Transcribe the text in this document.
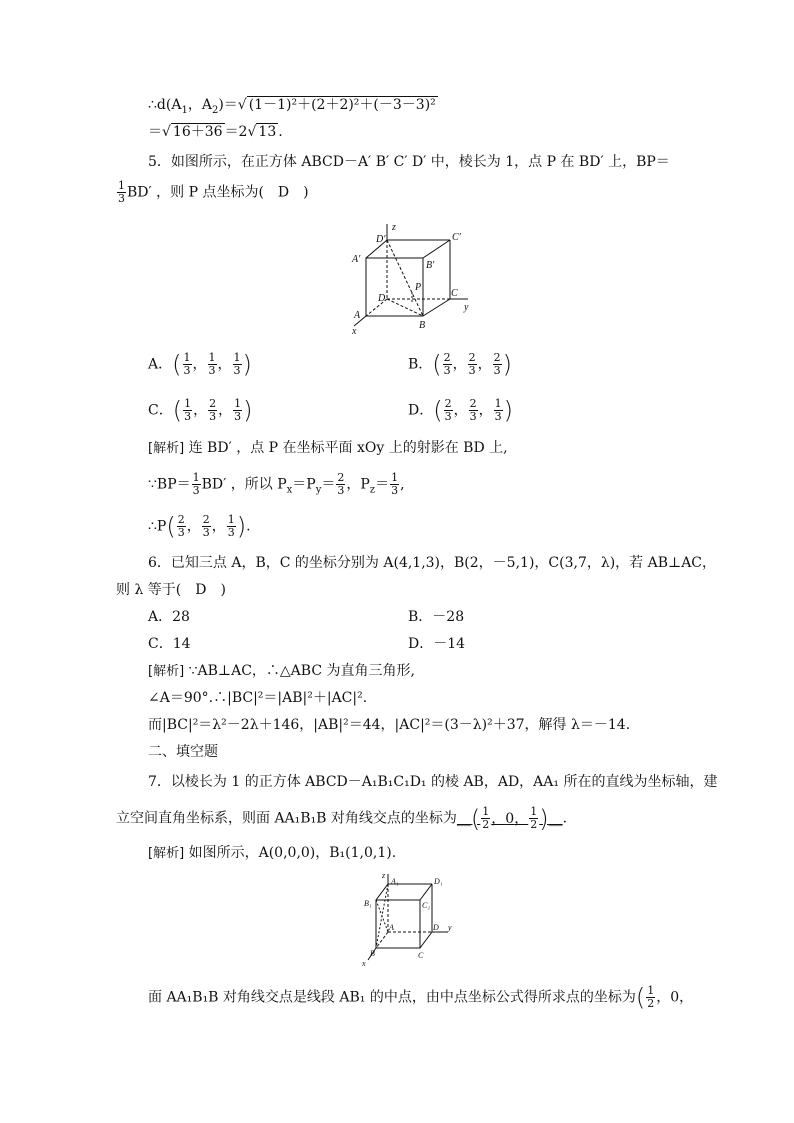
$\therefore d(A_1$，$A_2)=√$ (1－1)²＋(2＋2)²＋(－3－3)²
＝√ 16＋36 ＝2√ 13 .
5．如图所示，在正方体 ABCD－A′ B′ C′ D′ 中，棱长为 1，点 P 在 BD′ 上，BP＝
$\frac{1}{3} BD'$ ，则 P 点坐标为(　D　)
z
D′	C′
A′
B′
P
D	C
y
A
B
x
A．( $\frac{1}{3}$ ， $\frac{1}{3}$ ， $\frac{1}{3}$ )	B．( $\frac{2}{3}$ ， $\frac{2}{3}$ ， $\frac{2}{3}$ )
C．( $\frac{1}{3}$ ， $\frac{2}{3}$ ， $\frac{1}{3}$ )	D．( $\frac{2}{3}$ ， $\frac{2}{3}$ ， $\frac{1}{3}$ )
[解析] 连 BD′ ，点 P 在坐标平面 xOy 上的射影在 BD 上,
∵BP＝ $\frac{1}{3} BD'$ ，所以 $P_x=P_y= \frac{2}{3}$ ，$P_z= \frac{1}{3}$ ,
∴P( $\frac{2}{3}$ ， $\frac{2}{3}$ ， $\frac{1}{3}$ ).
6．已知三点 A，B，C 的坐标分别为 A(4,1,3)，B(2，－5,1)，C(3,7，λ)，若 AB⊥AC，
则 λ 等于(　D　)
A．28	B．－28
C．14	D．－14
[解析] ∵AB⊥AC，∴△ABC 为直角三角形,
∠A＝90°.∴|BC|²＝|AB|²＋|AC|².
而|BC|²＝λ²－2λ＋146，|AB|²＝44，|AC|²＝(3－λ)²＋37，解得 λ＝－14.
二、填空题
7．以棱长为 1 的正方体 ABCD－A₁B₁C₁D₁ 的棱 AB，AD，AA₁ 所在的直线为坐标轴，建
立空间直角坐标系，则面 AA₁B₁B 对角线交点的坐标为__( $\frac{1}{2}$ ，0， $\frac{1}{2}$ )__.
[解析] 如图所示，A(0,0,0)，B₁(1,0,1).
z
A₁	D₁
B₁	C₁
A	D y
B	C
x
面 AA₁B₁B 对角线交点是线段 AB₁ 的中点，由中点坐标公式得所求点的坐标为( $\frac{1}{2}$ ，0，
